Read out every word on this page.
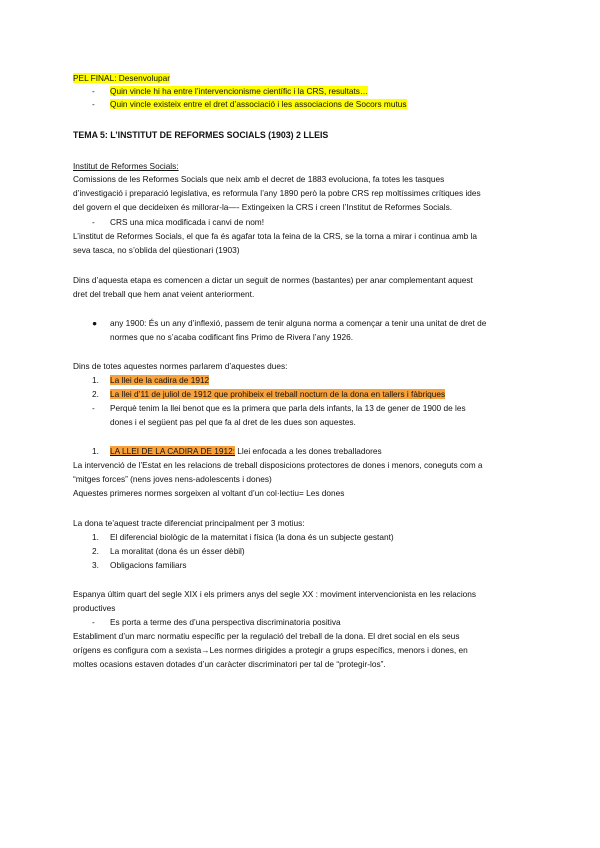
PEL FINAL: Desenvolupar
- Quin vincle hi ha entre l’intervencionisme científic i la CRS, resultats…
- Quin vincle existeix entre el dret d’associació i les associacions de Socors mutus
TEMA 5: L’INSTITUT DE REFORMES SOCIALS (1903) 2 LLEIS
Institut de Reformes Socials:
Comissions de les Reformes Socials que neix amb el decret de 1883 evoluciona, fa totes les tasques
d’investigació i preparació legislativa, es reformula l’any 1890 però la pobre CRS rep moltíssimes crítiques ides
del govern el que decideixen és millorar-la—- Extingeixen la CRS i creen l’Institut de Reformes Socials.
- CRS una mica modificada i canvi de nom!
L’institut de Reformes Socials, el que fa és agafar tota la feina de la CRS, se la torna a mirar i continua amb la
seva tasca, no s’oblida del qüestionari (1903)
Dins d’aquesta etapa es comencen a dictar un seguit de normes (bastantes) per anar complementant aquest
dret del treball que hem anat veient anteriorment.
● any 1900: És un any d’inflexió, passem de tenir alguna norma a començar a tenir una unitat de dret de
normes que no s’acaba codificant fins Primo de Rivera l’any 1926.
Dins de totes aquestes normes parlarem d’aquestes dues:
1. La llei de la cadira de 1912
2. La llei d’11 de juliol de 1912 que prohibeix el treball nocturn de la dona en tallers i fàbriques
- Perquè tenim la llei benot que es la primera que parla dels infants, la 13 de gener de 1900 de les
dones i el següent pas pel que fa al dret de les dues son aquestes.
1. LA LLEI DE LA CADIRA DE 1912: Llei enfocada a les dones treballadores
La intervenció de l’Estat en les relacions de treball disposicions protectores de dones i menors, coneguts com a
“mitges forces” (nens joves nens-adolescents i dones)
Aquestes primeres normes sorgeixen al voltant d’un col·lectiu= Les dones
La dona te’aquest tracte diferenciat principalment per 3 motius:
1. El diferencial biològic de la maternitat i física (la dona és un subjecte gestant)
2. La moralitat (dona és un ésser dèbil)
3. Obligacions familiars
Espanya últim quart del segle XIX i els primers anys del segle XX : moviment intervencionista en les relacions
productives
- Es porta a terme des d’una perspectiva discriminatoria positiva
Establiment d’un marc normatiu específic per la regulació del treball de la dona. El dret social en els seus
orígens es configura com a sexista→Les normes dirigides a protegir a grups específics, menors i dones, en
moltes ocasions estaven dotades d’un caràcter discriminatori per tal de “protegir-los”.
